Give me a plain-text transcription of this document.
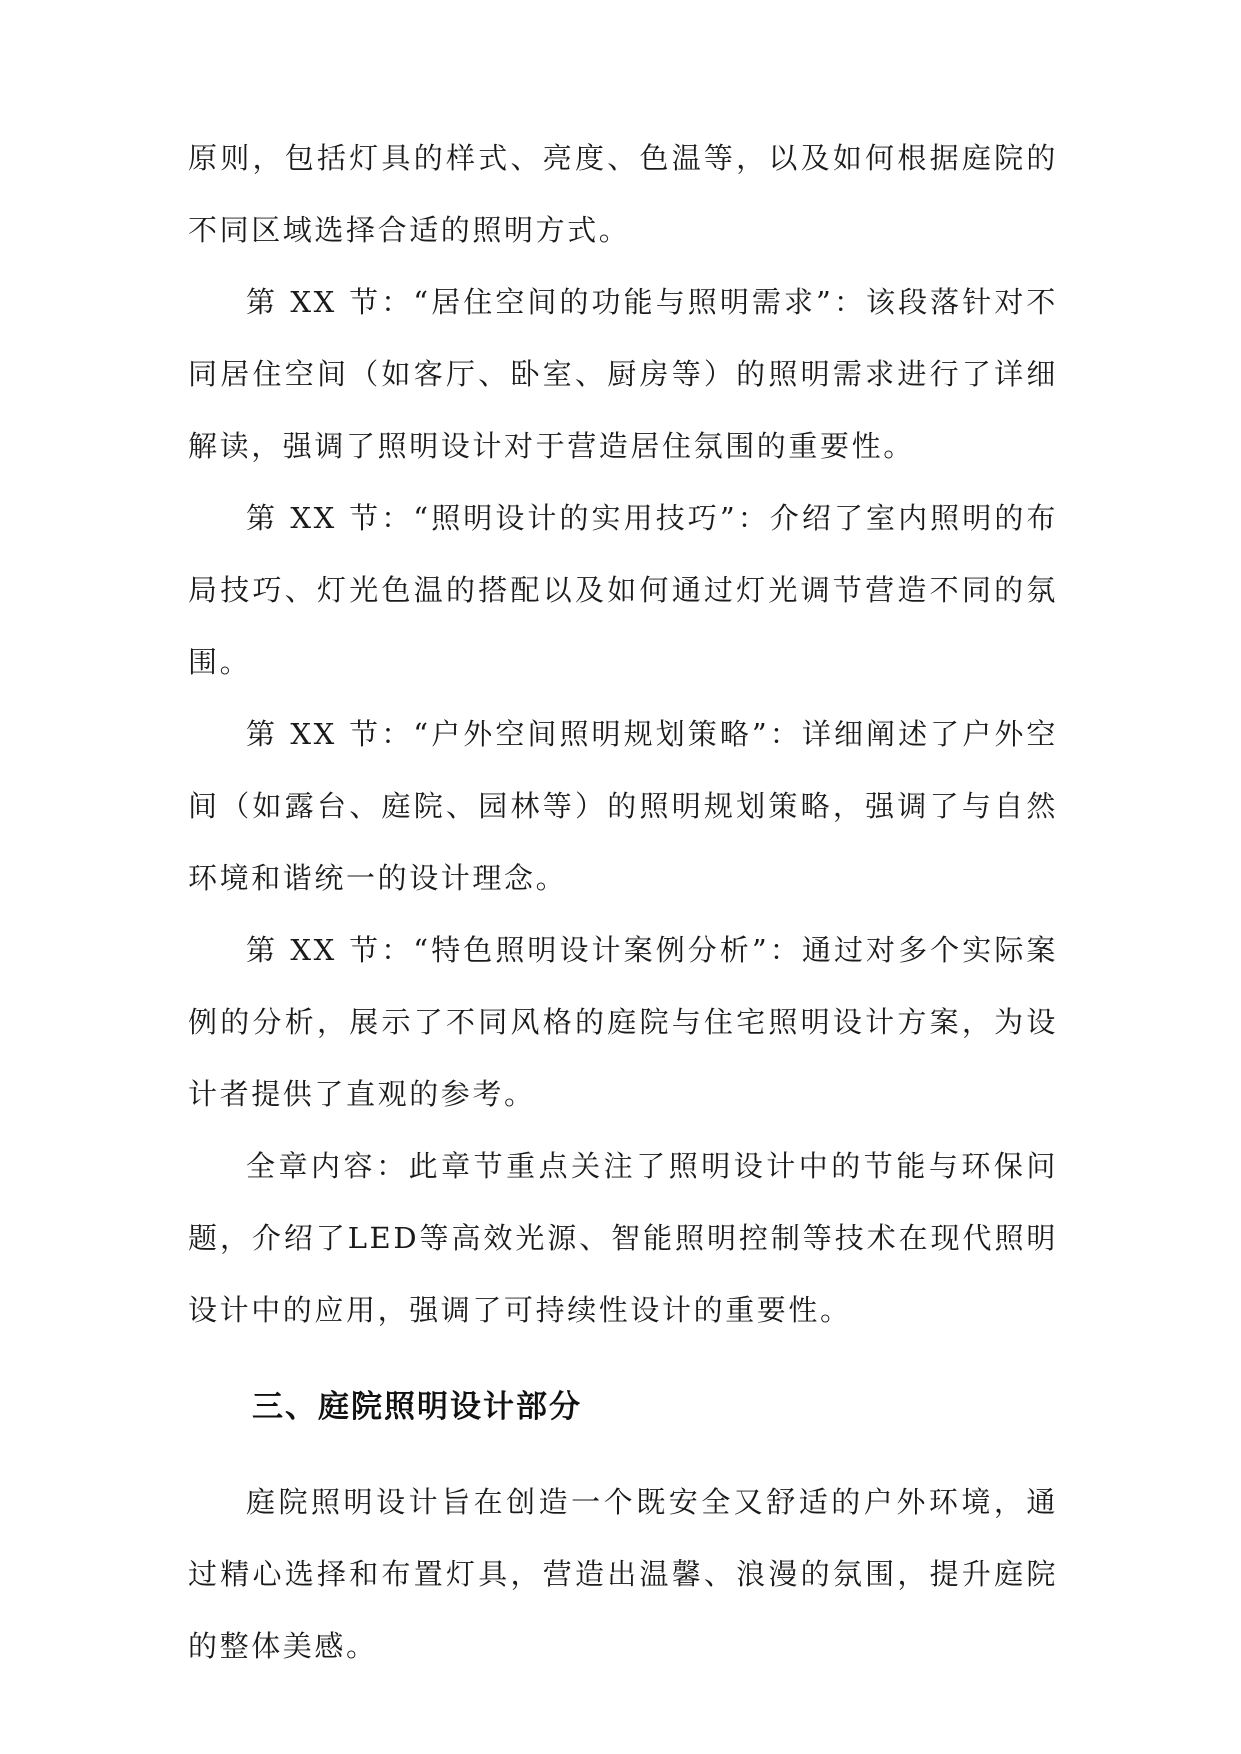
原则，包括灯具的样式、亮度、色温等，以及如何根据庭院的不同区域选择合适的照明方式。

第 XX 节：“居住空间的功能与照明需求”：该段落针对不同居住空间（如客厅、卧室、厨房等）的照明需求进行了详细解读，强调了照明设计对于营造居住氛围的重要性。

第 XX 节：“照明设计的实用技巧”：介绍了室内照明的布局技巧、灯光色温的搭配以及如何通过灯光调节营造不同的氛围。

第 XX 节：“户外空间照明规划策略”：详细阐述了户外空间（如露台、庭院、园林等）的照明规划策略，强调了与自然环境和谐统一的设计理念。

第 XX 节：“特色照明设计案例分析”：通过对多个实际案例的分析，展示了不同风格的庭院与住宅照明设计方案，为设计者提供了直观的参考。

全章内容：此章节重点关注了照明设计中的节能与环保问题，介绍了LED等高效光源、智能照明控制等技术在现代照明设计中的应用，强调了可持续性设计的重要性。

三、庭院照明设计部分

庭院照明设计旨在创造一个既安全又舒适的户外环境，通过精心选择和布置灯具，营造出温馨、浪漫的氛围，提升庭院的整体美感。
